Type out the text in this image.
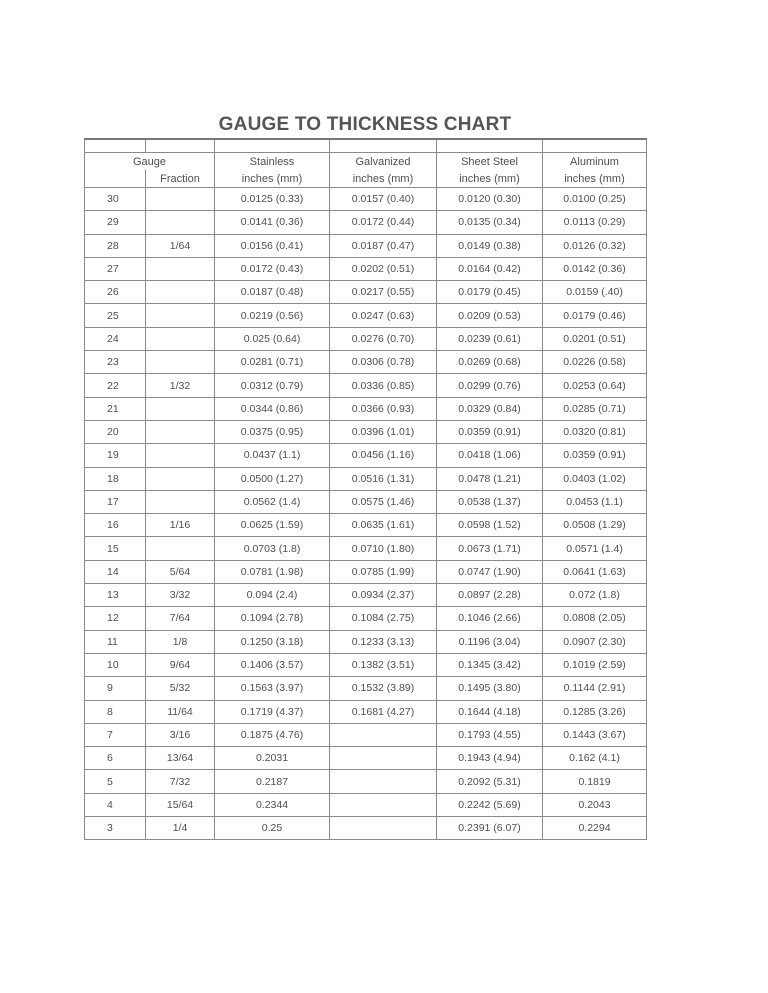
GAUGE TO THICKNESS CHART

Gauge		Stainless	Galvanized	Sheet Steel	Aluminum
	Fraction	inches (mm)	inches (mm)	inches (mm)	inches (mm)
30		0.0125 (0.33)	0.0157 (0.40)	0.0120 (0.30)	0.0100 (0.25)
29		0.0141 (0.36)	0.0172 (0.44)	0.0135 (0.34)	0.0113 (0.29)
28	1/64	0.0156 (0.41)	0.0187 (0.47)	0.0149 (0.38)	0.0126 (0.32)
27		0.0172 (0.43)	0.0202 (0.51)	0.0164 (0.42)	0.0142 (0.36)
26		0.0187 (0.48)	0.0217 (0.55)	0.0179 (0.45)	0.0159 (.40)
25		0.0219 (0.56)	0.0247 (0.63)	0.0209 (0.53)	0.0179 (0.46)
24		0.025 (0.64)	0.0276 (0.70)	0.0239 (0.61)	0.0201 (0.51)
23		0.0281 (0.71)	0.0306 (0.78)	0.0269 (0.68)	0.0226 (0.58)
22	1/32	0.0312 (0.79)	0.0336 (0.85)	0.0299 (0.76)	0.0253 (0.64)
21		0.0344 (0.86)	0.0366 (0.93)	0.0329 (0.84)	0.0285 (0.71)
20		0.0375 (0.95)	0.0396 (1.01)	0.0359 (0.91)	0.0320 (0.81)
19		0.0437 (1.1)	0.0456 (1.16)	0.0418 (1.06)	0.0359 (0.91)
18		0.0500 (1.27)	0.0516 (1.31)	0.0478 (1.21)	0.0403 (1.02)
17		0.0562 (1.4)	0.0575 (1.46)	0.0538 (1.37)	0.0453 (1.1)
16	1/16	0.0625 (1.59)	0.0635 (1.61)	0.0598 (1.52)	0.0508 (1.29)
15		0.0703 (1.8)	0.0710 (1.80)	0.0673 (1.71)	0.0571 (1.4)
14	5/64	0.0781 (1.98)	0.0785 (1.99)	0.0747 (1.90)	0.0641 (1.63)
13	3/32	0.094 (2.4)	0.0934 (2.37)	0.0897 (2.28)	0.072 (1.8)
12	7/64	0.1094 (2.78)	0.1084 (2.75)	0.1046 (2.66)	0.0808 (2.05)
11	1/8	0.1250 (3.18)	0.1233 (3.13)	0.1196 (3.04)	0.0907 (2.30)
10	9/64	0.1406 (3.57)	0.1382 (3.51)	0.1345 (3.42)	0.1019 (2.59)
9	5/32	0.1563 (3.97)	0.1532 (3.89)	0.1495 (3.80)	0.1144 (2.91)
8	11/64	0.1719 (4.37)	0.1681 (4.27)	0.1644 (4.18)	0.1285 (3.26)
7	3/16	0.1875 (4.76)		0.1793 (4.55)	0.1443 (3.67)
6	13/64	0.2031		0.1943 (4.94)	0.162 (4.1)
5	7/32	0.2187		0.2092 (5.31)	0.1819
4	15/64	0.2344		0.2242 (5.69)	0.2043
3	1/4	0.25		0.2391 (6.07)	0.2294
